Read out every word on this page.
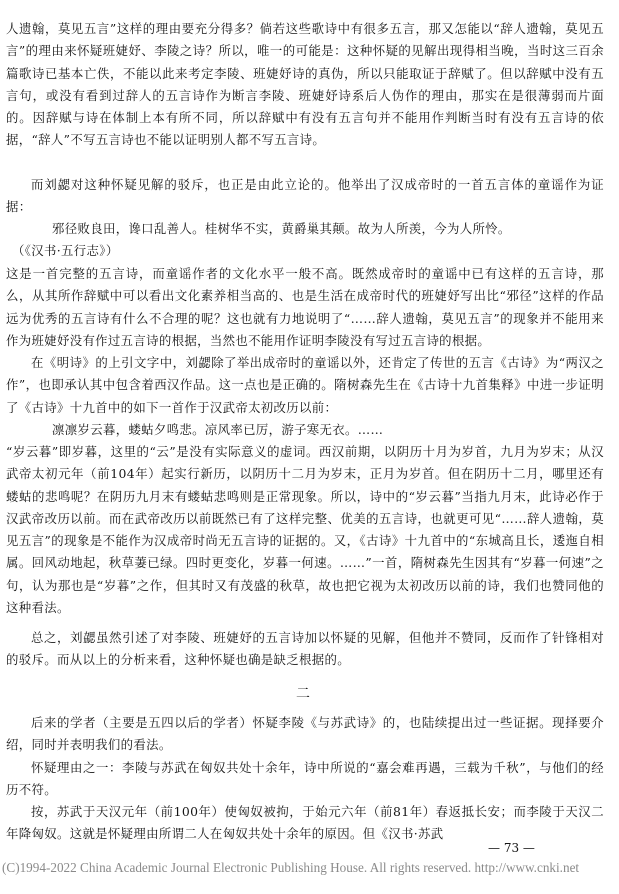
人遗翰，莫见五言”这样的理由要充分得多？倘若这些歌诗中有很多五言，那又怎能以“辞人遗翰，莫见五言”的理由来怀疑班婕妤、李陵之诗？所以，唯一的可能是：这种怀疑的见解出现得相当晚，当时这三百余篇歌诗已基本亡佚，不能以此来考定李陵、班婕妤诗的真伪，所以只能取证于辞赋了。但以辞赋中没有五言句，或没有看到过辞人的五言诗作为断言李陵、班婕妤诗系后人伪作的理由，那实在是很薄弱而片面的。因辞赋与诗在体制上本有所不同，所以辞赋中有没有五言句并不能用作判断当时有没有五言诗的依据，“辞人”不写五言诗也不能以证明别人都不写五言诗。

而刘勰对这种怀疑见解的驳斥，也正是由此立论的。他举出了汉成帝时的一首五言体的童谣作为证据：

邪径败良田，谗口乱善人。桂树华不实，黄爵巢其颠。故为人所羡，今为人所怜。

（《汉书·五行志》）

这是一首完整的五言诗，而童谣作者的文化水平一般不高。既然成帝时的童谣中已有这样的五言诗，那么，从其所作辞赋中可以看出文化素养相当高的、也是生活在成帝时代的班婕妤写出比“邪径”这样的作品远为优秀的五言诗有什么不合理的呢？这也就有力地说明了“……辞人遗翰，莫见五言”的现象并不能用来作为班婕妤没有作过五言诗的根据，当然也不能用作证明李陵没有写过五言诗的根据。

在《明诗》的上引文字中，刘勰除了举出成帝时的童谣以外，还肯定了传世的五言《古诗》为“两汉之作”，也即承认其中包含着西汉作品。这一点也是正确的。隋树森先生在《古诗十九首集释》中进一步证明了《古诗》十九首中的如下一首作于汉武帝太初改历以前：

凛凛岁云暮，蝼蛄夕鸣悲。凉风率已厉，游子寒无衣。……

“岁云暮”即岁暮，这里的“云”是没有实际意义的虚词。西汉前期，以阴历十月为岁首，九月为岁末；从汉武帝太初元年（前104年）起实行新历，以阴历十二月为岁末，正月为岁首。但在阴历十二月，哪里还有蝼蛄的悲鸣呢？在阴历九月末有蝼蛄悲鸣则是正常现象。所以，诗中的“岁云暮”当指九月末，此诗必作于汉武帝改历以前。而在武帝改历以前既然已有了这样完整、优美的五言诗，也就更可见“……辞人遗翰，莫见五言”的现象是不能作为汉成帝时尚无五言诗的证据的。又，《古诗》十九首中的“东城高且长，逶迤自相属。回风动地起，秋草萋已绿。四时更变化，岁暮一何速。……”一首，隋树森先生因其有“岁暮一何速”之句，认为那也是“岁暮”之作，但其时又有茂盛的秋草，故也把它视为太初改历以前的诗，我们也赞同他的这种看法。

总之，刘勰虽然引述了对李陵、班婕妤的五言诗加以怀疑的见解，但他并不赞同，反而作了针锋相对的驳斥。而从以上的分析来看，这种怀疑也确是缺乏根据的。

二

后来的学者（主要是五四以后的学者）怀疑李陵《与苏武诗》的，也陆续提出过一些证据。现择要介绍，同时并表明我们的看法。

怀疑理由之一：李陵与苏武在匈奴共处十余年，诗中所说的“嘉会难再遇，三载为千秋”，与他们的经历不符。

按，苏武于天汉元年（前100年）使匈奴被拘，于始元六年（前81年）春返抵长安；而李陵于天汉二年降匈奴。这就是怀疑理由所谓二人在匈奴共处十余年的原因。但《汉书·苏武

— 73 —

(C)1994-2022 China Academic Journal Electronic Publishing House. All rights reserved. http://www.cnki.net
